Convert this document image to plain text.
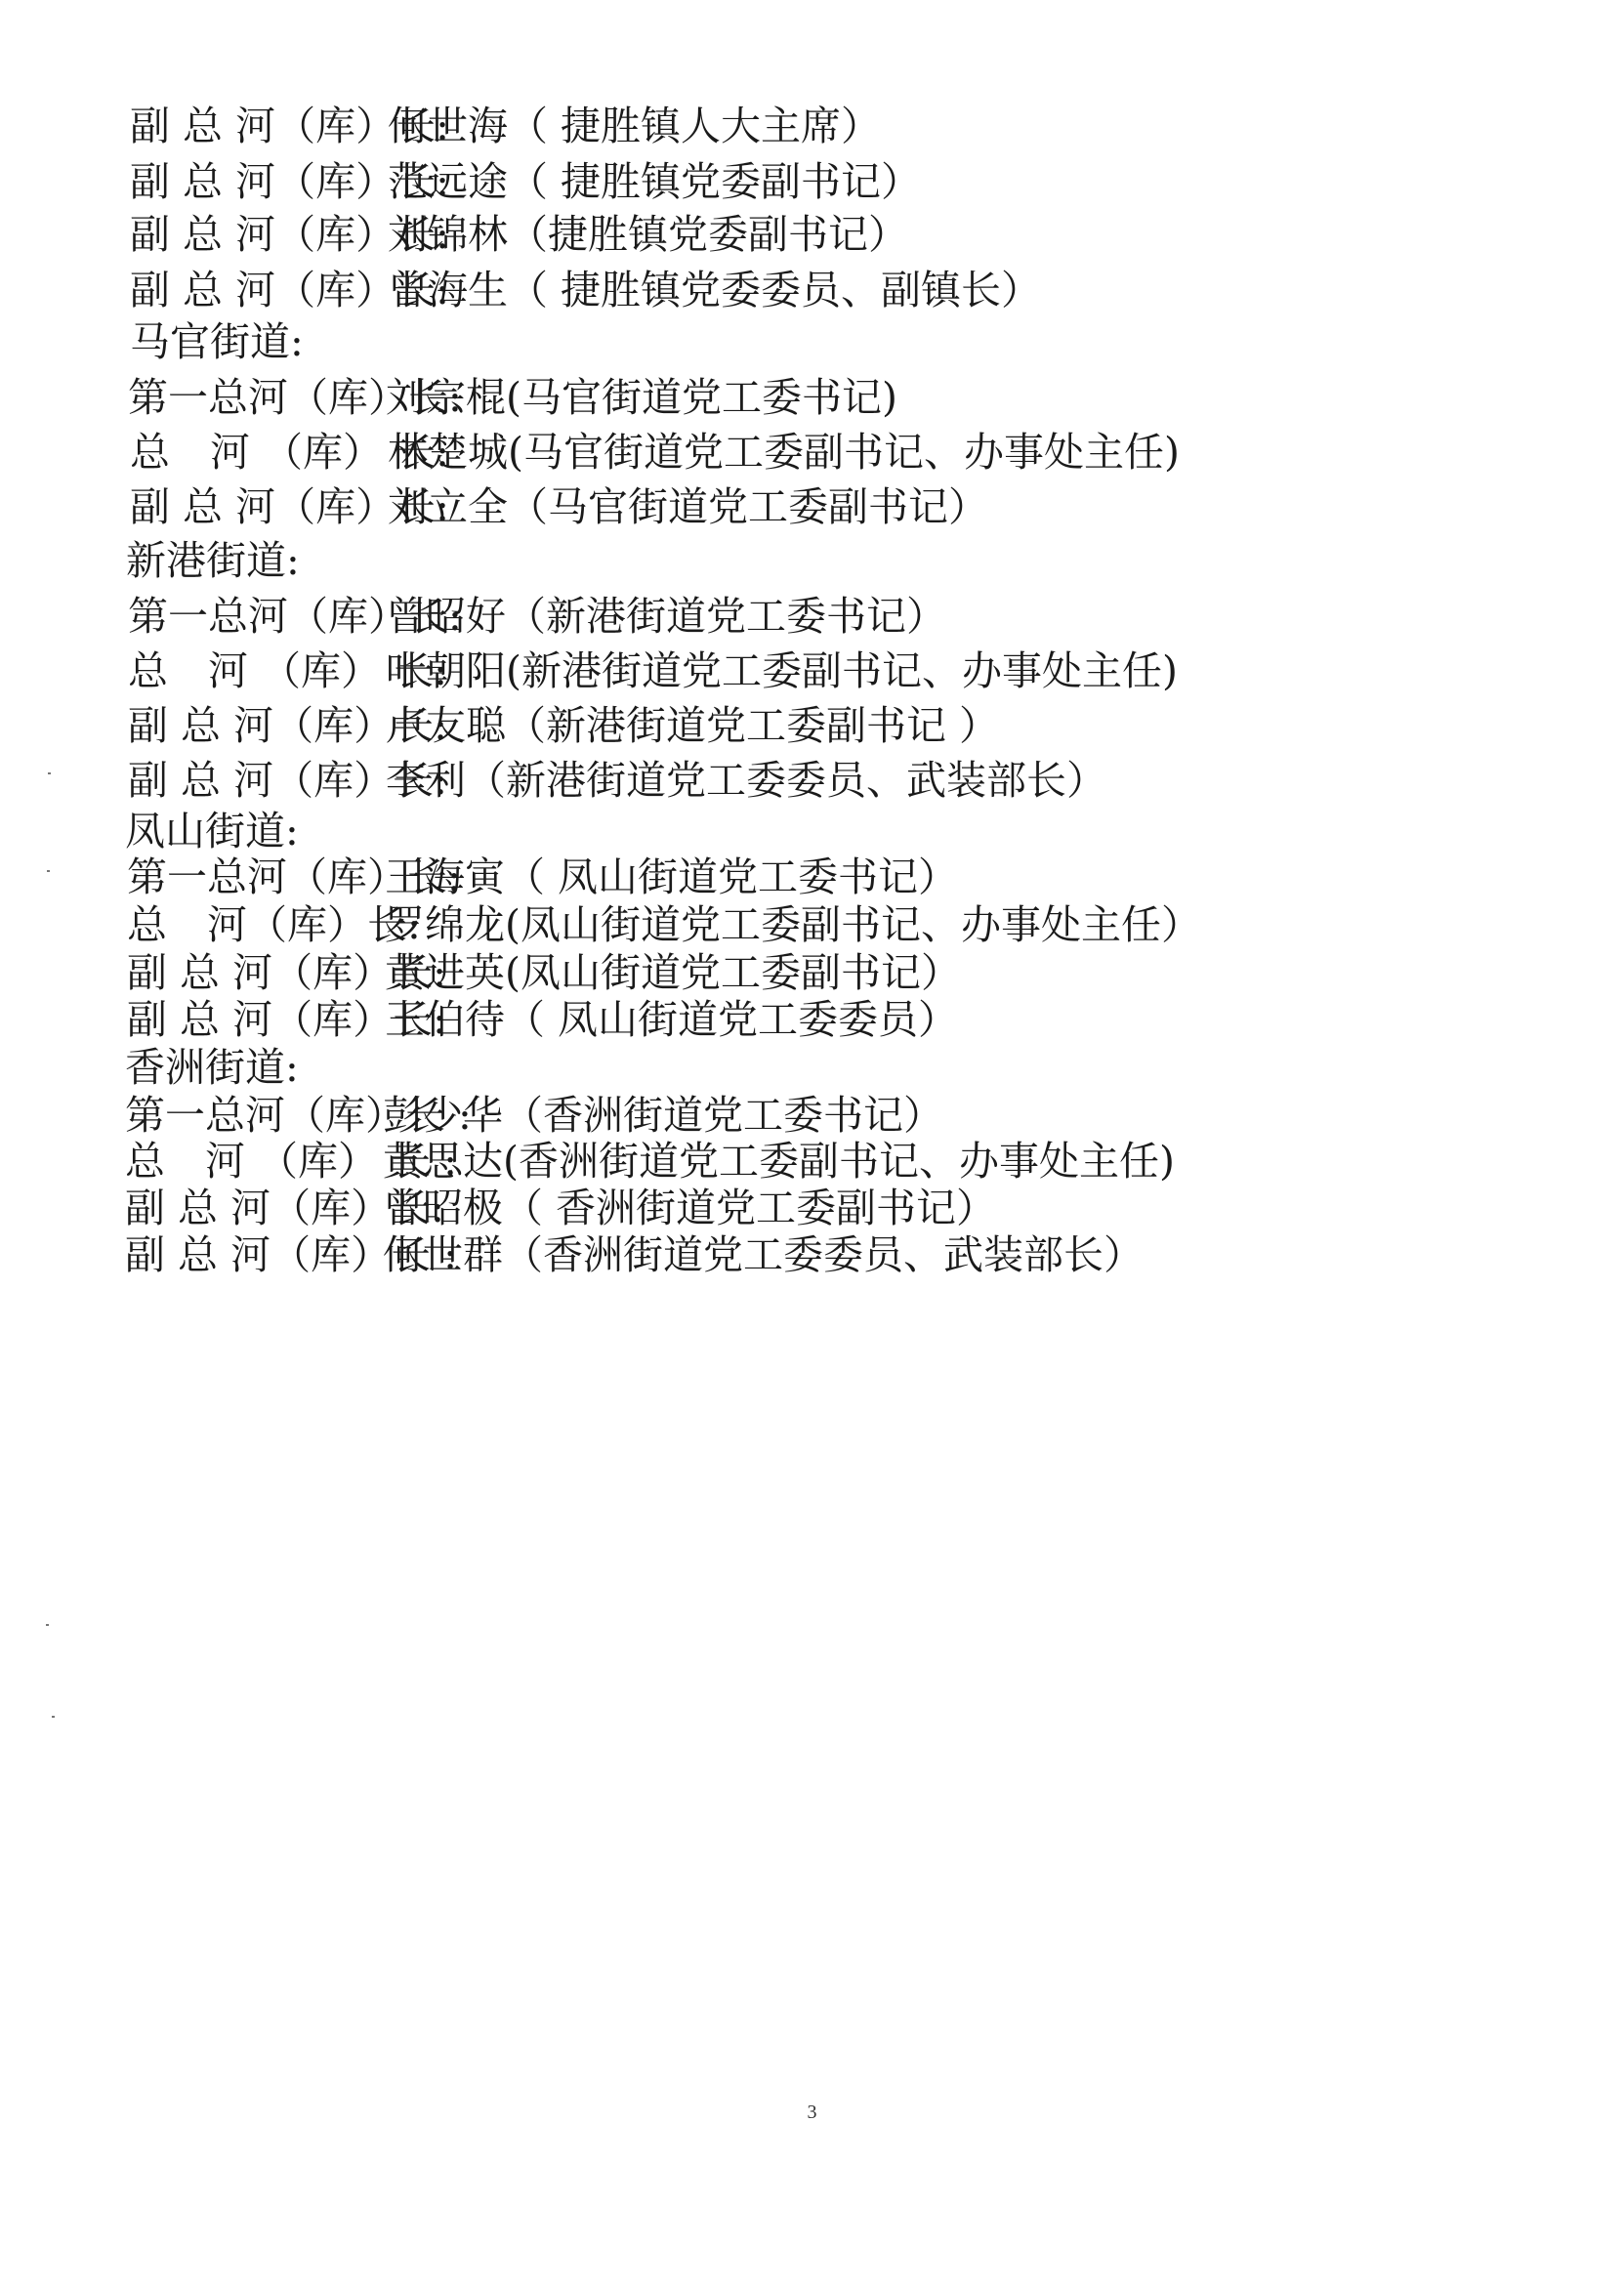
副 总 河（库）长:何世海（ 捷胜镇人大主席）
副 总 河（库）长:范远途（ 捷胜镇党委副书记）
副 总 河（库）长:刘锦林（捷胜镇党委副书记）
副 总 河（库）长:曾海生（ 捷胜镇党委委员、副镇长）
马官街道:
第一总河（库）长:刘宗棍(马官街道党工委书记)
总　河 （库） 长:林楚城(马官街道党工委副书记、办事处主任)
副 总 河（库）长:刘立全（马官街道党工委副书记）
新港街道:
第一总河（库）长:曾昭好（新港街道党工委书记）
总　河 （库） 长:叶朝阳(新港街道党工委副书记、办事处主任)
副 总 河（库）长:卢友聪（新港街道党工委副书记 ）
副 总 河（库）长:李利（新港街道党工委委员、武装部长）
凤山街道:
第一总河（库）长:王海寅（ 凤山街道党工委书记）
总　河（库）长:罗绵龙(凤山街道党工委副书记、办事处主任）
副 总 河（库）长:黄进英(凤山街道党工委副书记）
副 总 河（库）长:王伯待（ 凤山街道党工委委员）
香洲街道:
第一总河（库）长 :彭少华（香洲街道党工委书记）
总　河 （库） 长 :黄思达(香洲街道党工委副书记、办事处主任)
副 总 河（库）长:曾昭极（ 香洲街道党工委副书记）
副 总 河（库）长 :何世群（香洲街道党工委委员、武装部长）
3
